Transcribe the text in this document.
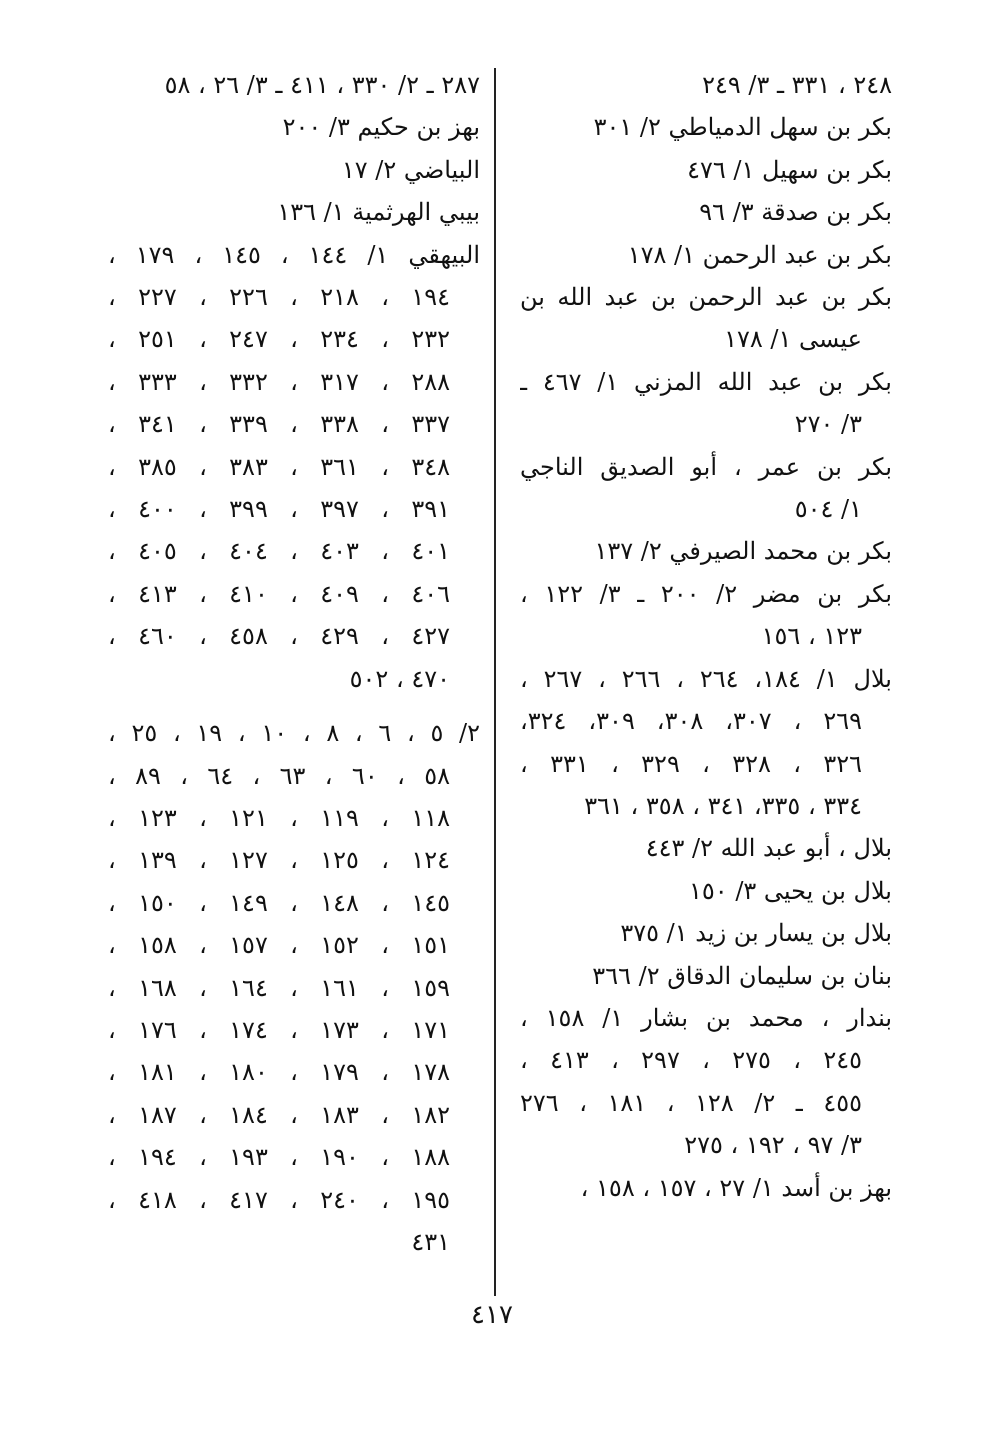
٢٤٨ ، ٣٣١ ـ ٣/ ٢٤٩
بكر بن سهل الدمياطي ٢/ ٣٠١
بكر بن سهيل ١/ ٤٧٦
بكر بن صدقة ٣/ ٩٦
بكر بن عبد الرحمن ١/ ١٧٨
بكر بن عبد الرحمن بن عبد الله بن
عيسى ١/ ١٧٨
بكر بن عبد الله المزني ١/ ٤٦٧ ـ
٣/ ٢٧٠
بكر بن عمر ، أبو الصديق الناجي
١/ ٥٠٤
بكر بن محمد الصيرفي ٢/ ١٣٧
بكر بن مضر ٢/ ٢٠٠ ـ ٣/ ١٢٢ ،
١٢٣ ، ١٥٦
بلال ١/ ١٨٤، ٢٦٤ ، ٢٦٦ ، ٢٦٧ ،
٢٦٩ ، ٣٠٧، ٣٠٨، ٣٠٩، ٣٢٤،
٣٢٦ ، ٣٢٨ ، ٣٢٩ ، ٣٣١ ،
٣٣٤ ، ٣٣٥، ٣٤١ ، ٣٥٨ ، ٣٦١
بلال ، أبو عبد الله ٢/ ٤٤٣
بلال بن يحيى ٣/ ١٥٠
بلال بن يسار بن زيد ١/ ٣٧٥
بنان بن سليمان الدقاق ٢/ ٣٦٦
بندار ، محمد بن بشار ١/ ١٥٨ ،
٢٤٥ ، ٢٧٥ ، ٢٩٧ ، ٤١٣ ،
٤٥٥ ـ ٢/ ١٢٨ ، ١٨١ ، ٢٧٦
٣/ ٩٧ ، ١٩٢ ، ٢٧٥
بهز بن أسد ١/ ٢٧ ، ١٥٧ ، ١٥٨ ،
٢٨٧ ـ ٢/ ٣٣٠ ، ٤١١ ـ ٣/ ٢٦ ، ٥٨
بهز بن حكيم ٣/ ٢٠٠
البياضي ٢/ ١٧
بيبي الهرثمية ١/ ١٣٦
البيهقي ١/ ١٤٤ ، ١٤٥ ، ١٧٩ ،
١٩٤ ، ٢١٨ ، ٢٢٦ ، ٢٢٧ ،
٢٣٢ ، ٢٣٤ ، ٢٤٧ ، ٢٥١ ،
٢٨٨ ، ٣١٧ ، ٣٣٢ ، ٣٣٣ ،
٣٣٧ ، ٣٣٨ ، ٣٣٩ ، ٣٤١ ،
٣٤٨ ، ٣٦١ ، ٣٨٣ ، ٣٨٥ ،
٣٩١ ، ٣٩٧ ، ٣٩٩ ، ٤٠٠ ،
٤٠١ ، ٤٠٣ ، ٤٠٤ ، ٤٠٥ ،
٤٠٦ ، ٤٠٩ ، ٤١٠ ، ٤١٣ ،
٤٢٧ ، ٤٢٩ ، ٤٥٨ ، ٤٦٠ ،
٤٧٠ ، ٥٠٢
٢/ ٥ ، ٦ ، ٨ ، ١٠ ، ١٩ ، ٢٥ ،
٥٨ ، ٦٠ ، ٦٣ ، ٦٤ ، ٨٩ ،
١١٨ ، ١١٩ ، ١٢١ ، ١٢٣ ،
١٢٤ ، ١٢٥ ، ١٢٧ ، ١٣٩ ،
١٤٥ ، ١٤٨ ، ١٤٩ ، ١٥٠ ،
١٥١ ، ١٥٢ ، ١٥٧ ، ١٥٨ ،
١٥٩ ، ١٦١ ، ١٦٤ ، ١٦٨ ،
١٧١ ، ١٧٣ ، ١٧٤ ، ١٧٦ ،
١٧٨ ، ١٧٩ ، ١٨٠ ، ١٨١ ،
١٨٢ ، ١٨٣ ، ١٨٤ ، ١٨٧ ،
١٨٨ ، ١٩٠ ، ١٩٣ ، ١٩٤ ،
١٩٥ ، ٢٤٠ ، ٤١٧ ، ٤١٨ ،
٤٣١
٤١٧
